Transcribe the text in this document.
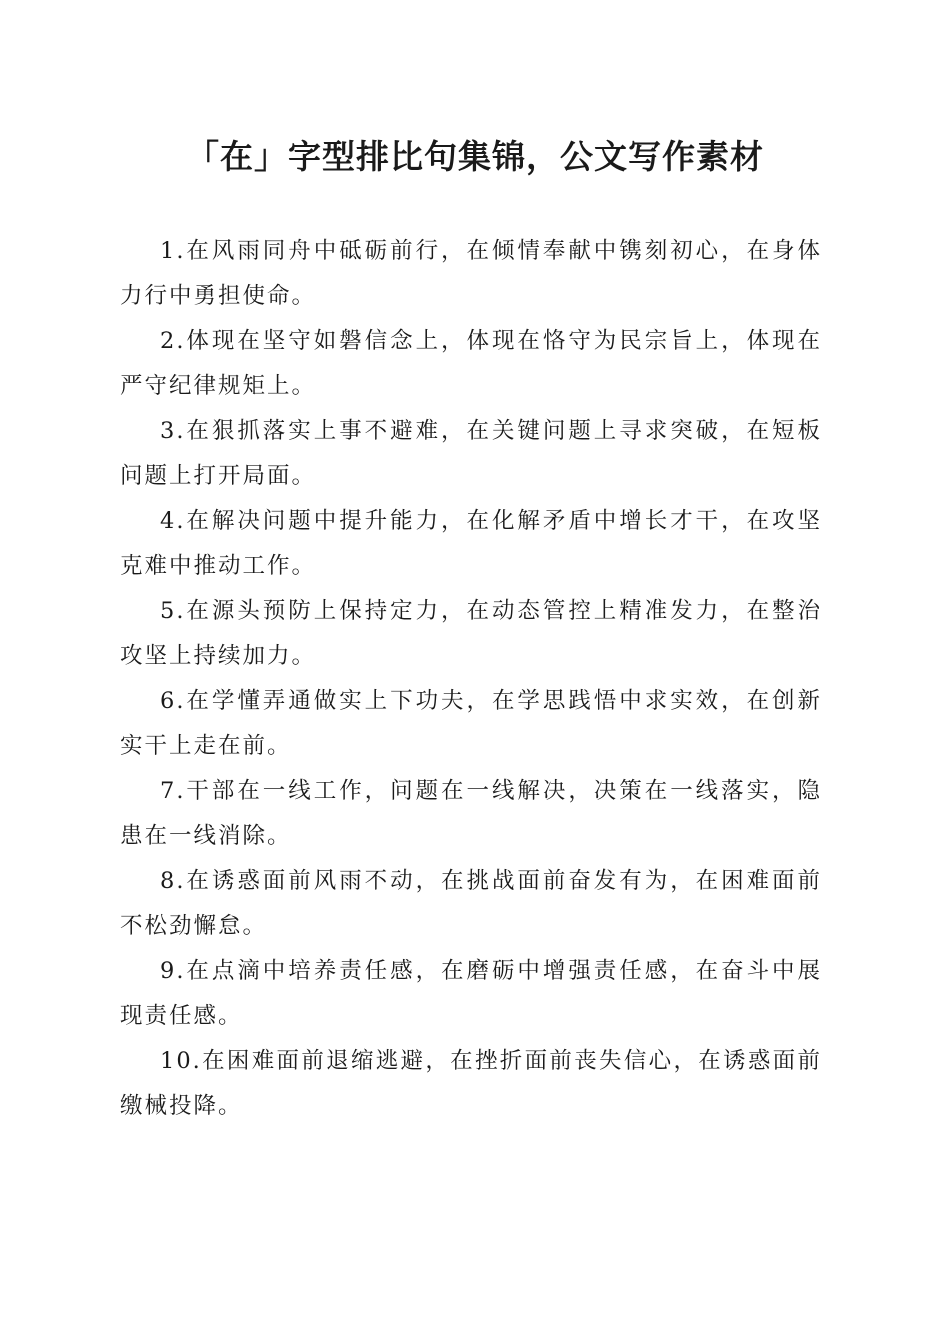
「在」字型排比句集锦，公文写作素材
1.在风雨同舟中砥砺前行，在倾情奉献中镌刻初心，在身体力行中勇担使命。
2.体现在坚守如磐信念上，体现在恪守为民宗旨上，体现在严守纪律规矩上。
3.在狠抓落实上事不避难，在关键问题上寻求突破，在短板问题上打开局面。
4.在解决问题中提升能力，在化解矛盾中增长才干，在攻坚克难中推动工作。
5.在源头预防上保持定力，在动态管控上精准发力，在整治攻坚上持续加力。
6.在学懂弄通做实上下功夫，在学思践悟中求实效，在创新实干上走在前。
7.干部在一线工作，问题在一线解决，决策在一线落实，隐患在一线消除。
8.在诱惑面前风雨不动，在挑战面前奋发有为，在困难面前不松劲懈怠。
9.在点滴中培养责任感，在磨砺中增强责任感，在奋斗中展现责任感。
10.在困难面前退缩逃避，在挫折面前丧失信心，在诱惑面前缴械投降。
